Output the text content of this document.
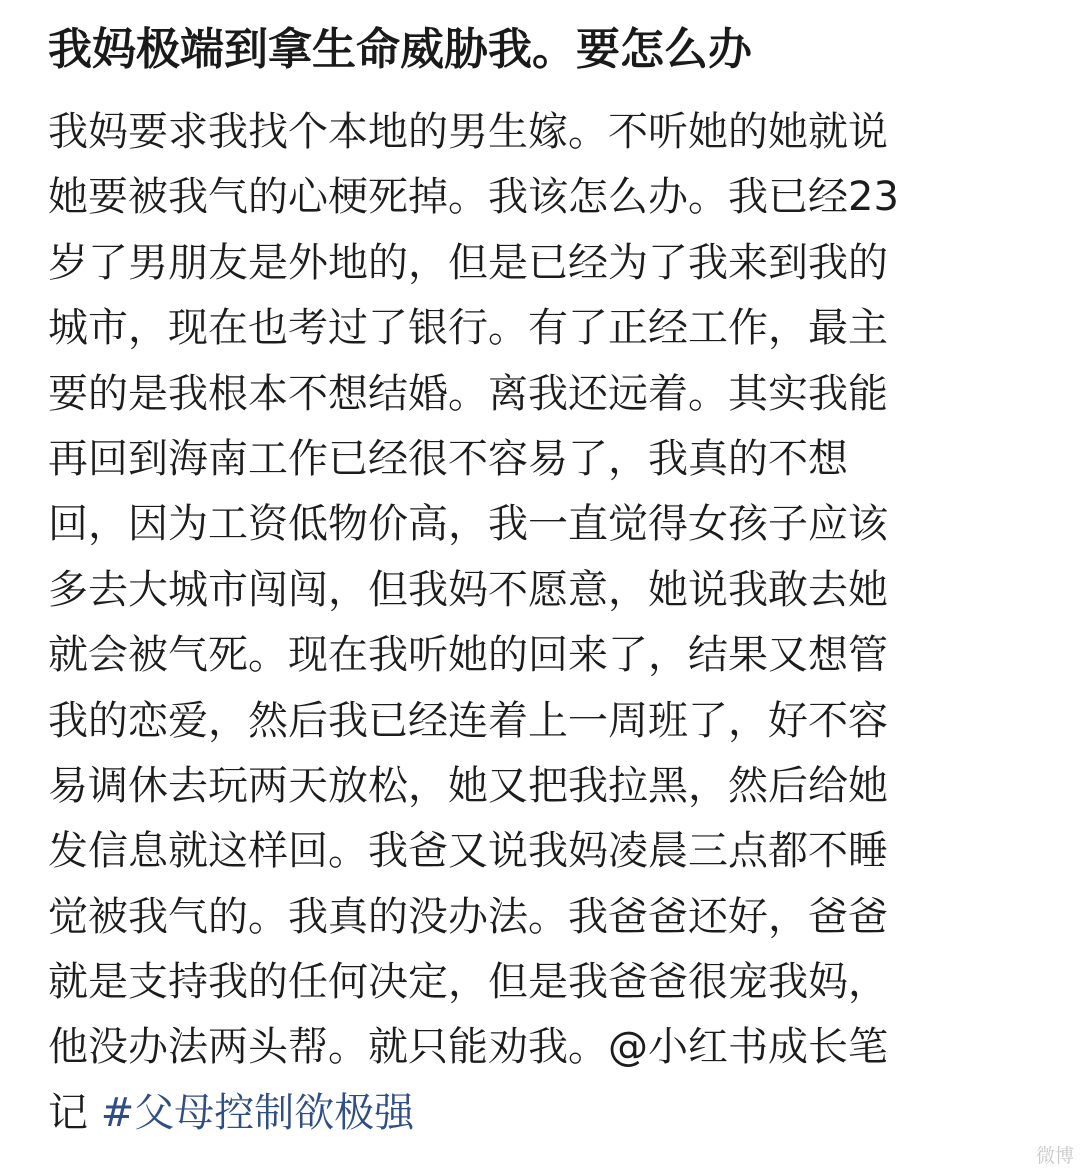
我妈极端到拿生命威胁我。要怎么办
我妈要求我找个本地的男生嫁。不听她的她就说
她要被我气的心梗死掉。我该怎么办。我已经23
岁了男朋友是外地的，但是已经为了我来到我的
城市，现在也考过了银行。有了正经工作，最主
要的是我根本不想结婚。离我还远着。其实我能
再回到海南工作已经很不容易了，我真的不想
回，因为工资低物价高，我一直觉得女孩子应该
多去大城市闯闯，但我妈不愿意，她说我敢去她
就会被气死。现在我听她的回来了，结果又想管
我的恋爱，然后我已经连着上一周班了，好不容
易调休去玩两天放松，她又把我拉黑，然后给她
发信息就这样回。我爸又说我妈凌晨三点都不睡
觉被我气的。我真的没办法。我爸爸还好，爸爸
就是支持我的任何决定，但是我爸爸很宠我妈，
他没办法两头帮。就只能劝我。@小红书成长笔
记 #父母控制欲极强
微博
